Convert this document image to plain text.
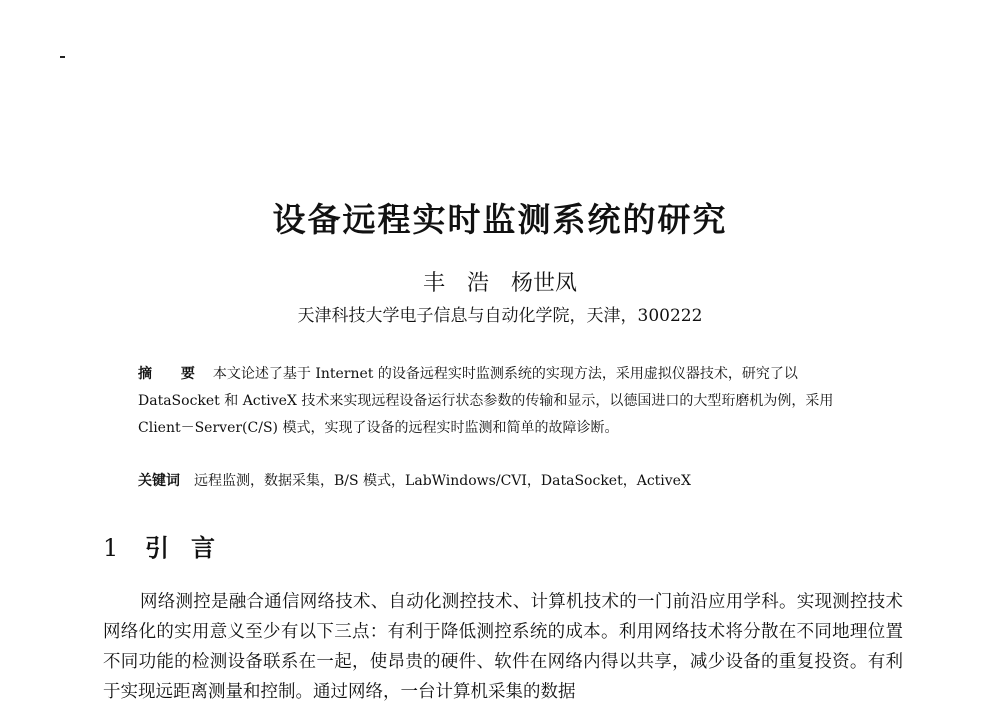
设备远程实时监测系统的研究
丰　浩　杨世凤
天津科技大学电子信息与自动化学院，天津，300222
摘 要 本文论述了基于 Internet 的设备远程实时监测系统的实现方法，采用虚拟仪器技术，研究了以 DataSocket 和 ActiveX 技术来实现远程设备运行状态参数的传输和显示，以德国进口的大型珩磨机为例，采用 Client－Server(C/S) 模式，实现了设备的远程实时监测和简单的故障诊断。
关键词 远程监测，数据采集，B/S 模式，LabWindows/CVI，DataSocket，ActiveX
1 引言
网络测控是融合通信网络技术、自动化测控技术、计算机技术的一门前沿应用学科。实现测控技术网络化的实用意义至少有以下三点：有利于降低测控系统的成本。利用网络技术将分散在不同地理位置不同功能的检测设备联系在一起，使昂贵的硬件、软件在网络内得以共享，减少设备的重复投资。有利于实现远距离测量和控制。通过网络，一台计算机采集的数据
